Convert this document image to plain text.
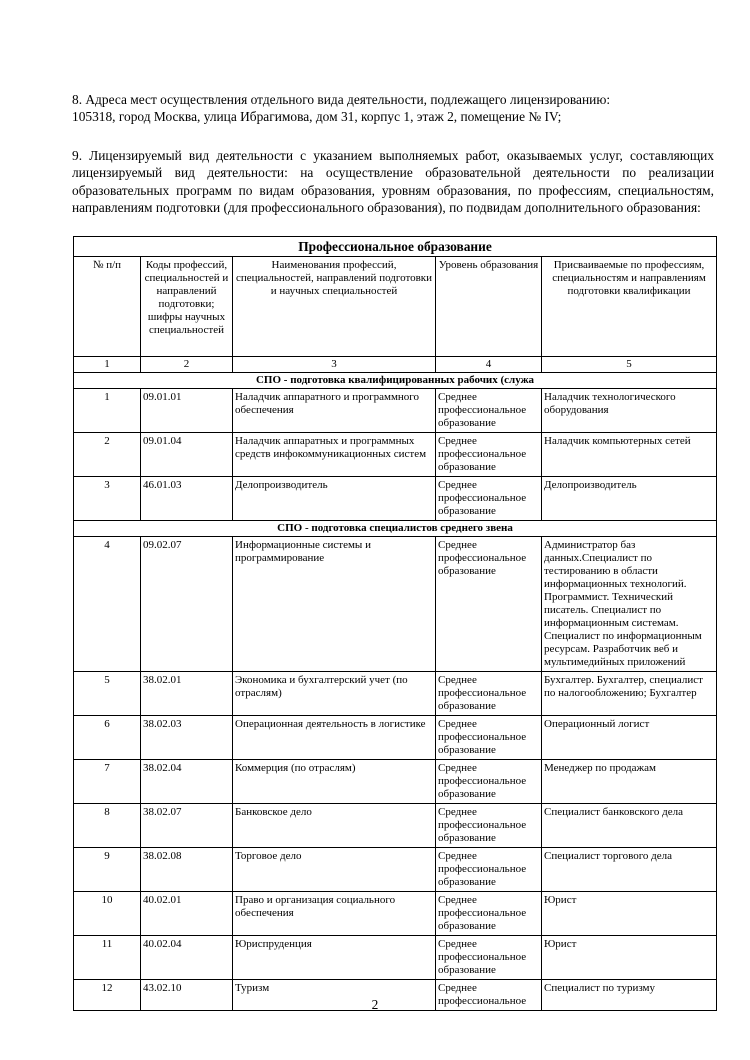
8. Адреса мест осуществления отдельного вида деятельности, подлежащего лицензированию:
105318, город Москва, улица Ибрагимова, дом 31, корпус 1, этаж 2, помещение № IV;
9. Лицензируемый вид деятельности с указанием выполняемых работ, оказываемых услуг, составляющих лицензируемый вид деятельности: на осуществление образовательной деятельности по реализации образовательных программ по видам образования, уровням образования, по профессиям, специальностям, направлениям подготовки (для профессионального образования), по подвидам дополнительного образования:
Профессиональное образование				
№ п/п	Коды профессий, специальностей и направлений подготовки; шифры научных специальностей	Наименования профессий, специальностей, направлений подготовки и научных специальностей	Уровень образования	Присваиваемые по профессиям, специальностям и направлениям подготовки квалификации
1	2	3	4	5
СПО - подготовка квалифицированных рабочих (служа				
1	09.01.01	Наладчик аппаратного и программного обеспечения	Среднее профессиональное образование	Наладчик технологического оборудования
2	09.01.04	Наладчик аппаратных и программных средств инфокоммуникационных систем	Среднее профессиональное образование	Наладчик компьютерных сетей
3	46.01.03	Делопроизводитель	Среднее профессиональное образование	Делопроизводитель
СПО - подготовка специалистов среднего звена				
4	09.02.07	Информационные системы и программирование	Среднее профессиональное образование	Администратор баз данных.Специалист по тестированию в области информационных технологий. Программист. Технический писатель. Специалист по информационным системам. Специалист по информационным ресурсам. Разработчик веб и мультимедийных приложений
5	38.02.01	Экономика и бухгалтерский учет (по отраслям)	Среднее профессиональное образование	Бухгалтер. Бухгалтер, специалист по налогообложению; Бухгалтер
6	38.02.03	Операционная деятельность в логистике	Среднее профессиональное образование	Операционный логист
7	38.02.04	Коммерция (по отраслям)	Среднее профессиональное образование	Менеджер по продажам
8	38.02.07	Банковское дело	Среднее профессиональное образование	Специалист банковского дела
9	38.02.08	Торговое дело	Среднее профессиональное образование	Специалист торгового дела
10	40.02.01	Право и организация социального обеспечения	Среднее профессиональное образование	Юрист
11	40.02.04	Юриспруденция	Среднее профессиональное образование	Юрист
12	43.02.10	Туризм	Среднее профессиональное	Специалист по туризму
2
